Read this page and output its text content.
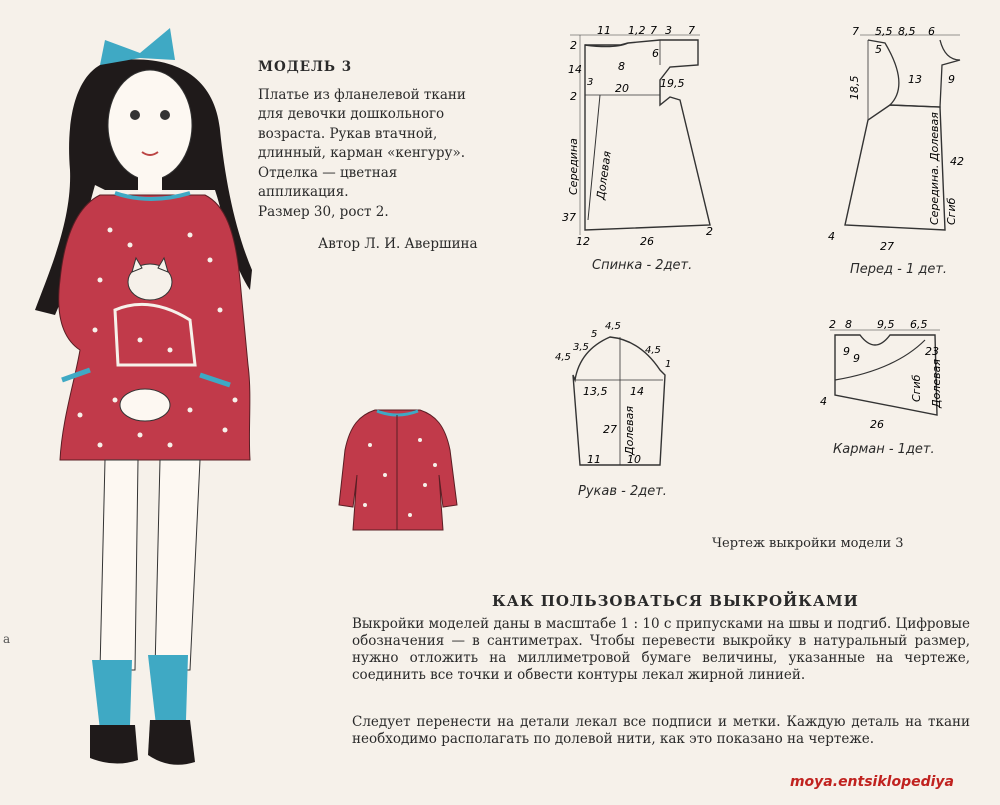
МОДЕЛЬ 3
Платье из фланелевой ткани
для девочки дошкольного
возраста. Рукав втачной,
длинный, карман «кенгуру».
Отделка — цветная
аппликация.
Размер 30, рост 2.
Автор Л. И. Авершина
11 1,2 7 3 7
2
14
3
8
6
2
20	19,5
Середина Долевая
37
12	26
2
Спинка - 2дет.
7 5,5 8,5 6
5
18,5	13 9
Середина. Долевая 42
Сгиб
4
27
Перед - 1 дет.
4,5
3,5
5
4,5
4,5
1
13,5 14
27 Долевая
11 10
Рукав - 2дет.
2 8 9,5 6,5
9
9
23
Сгиб Долевая
4
26
Карман - 1дет.
Чертеж выкройки модели 3
КАК ПОЛЬЗОВАТЬСЯ ВЫКРОЙКАМИ
Выкройки моделей даны в масштабе 1 : 10 с припусками на швы и подгиб. Цифровые обозначения — в сантиметрах. Чтобы перевести выкройку в натуральный размер, нужно отложить на миллиметровой бумаге величины, указанные на чертеже, соединить все точки и обвести контуры лекал жирной линией.
Следует перенести на детали лекал все подписи и метки. Каждую деталь на ткани необходимо располагать по долевой нити, как это показано на чертеже.
a
moya.entsiklopediya
